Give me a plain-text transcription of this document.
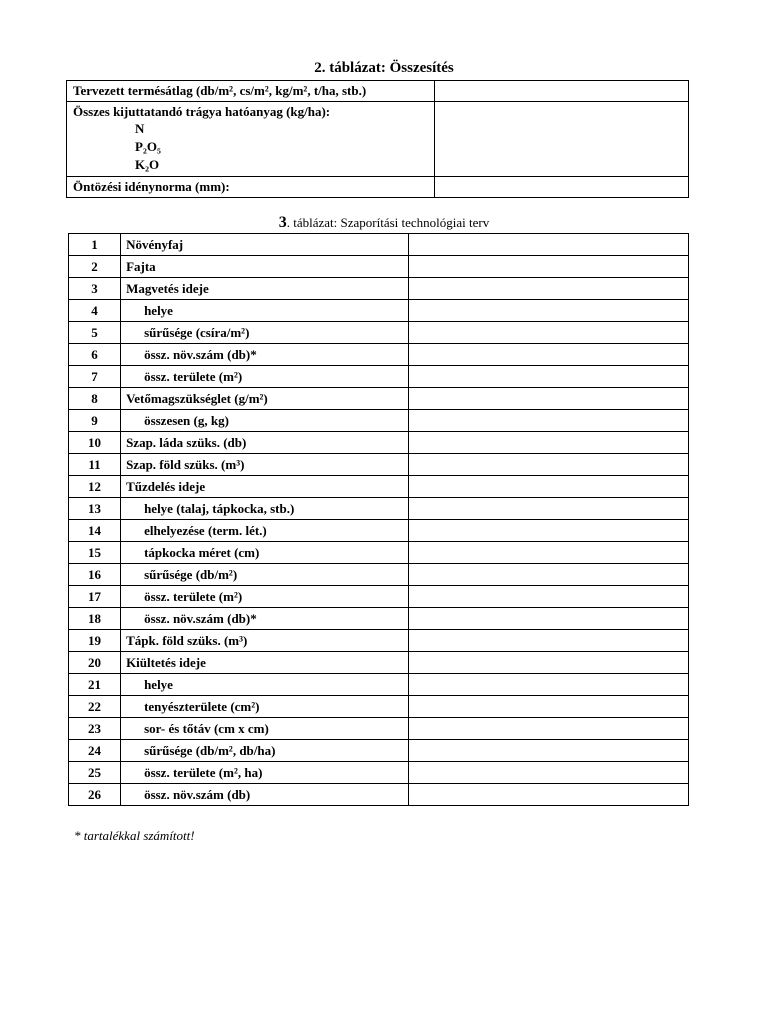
2. táblázat: Összesítés
Tervezett termésátlag (db/m², cs/m², kg/m², t/ha, stb.)	

Összes kijuttatandó trágya hatóanyag (kg/ha):
N
P₂O₅
K₂O	

Öntözési idénynorma (mm):	
3. táblázat: Szaporítási technológiai terv
1	Növényfaj	
2	Fajta	
3	Magvetés ideje	
4	helye	
5	sűrűsége (csíra/m²)	
6	össz. növ.szám (db)*	
7	össz. területe (m²)	
8	Vetőmagszükséglet (g/m²)	
9	összesen (g, kg)	
10	Szap. láda szüks. (db)	
11	Szap. föld szüks. (m³)	
12	Tűzdelés ideje	
13	helye (talaj, tápkocka, stb.)	
14	elhelyezése (term. lét.)	
15	tápkocka méret (cm)	
16	sűrűsége (db/m²)	
17	össz. területe (m²)	
18	össz. növ.szám (db)*	
19	Tápk. föld szüks. (m³)	
20	Kiültetés ideje	
21	helye	
22	tenyészterülete (cm²)	
23	sor- és tőtáv (cm x cm)	
24	sűrűsége (db/m², db/ha)	
25	össz. területe (m², ha)	
26	össz. növ.szám (db)	
* tartalékkal számított!
